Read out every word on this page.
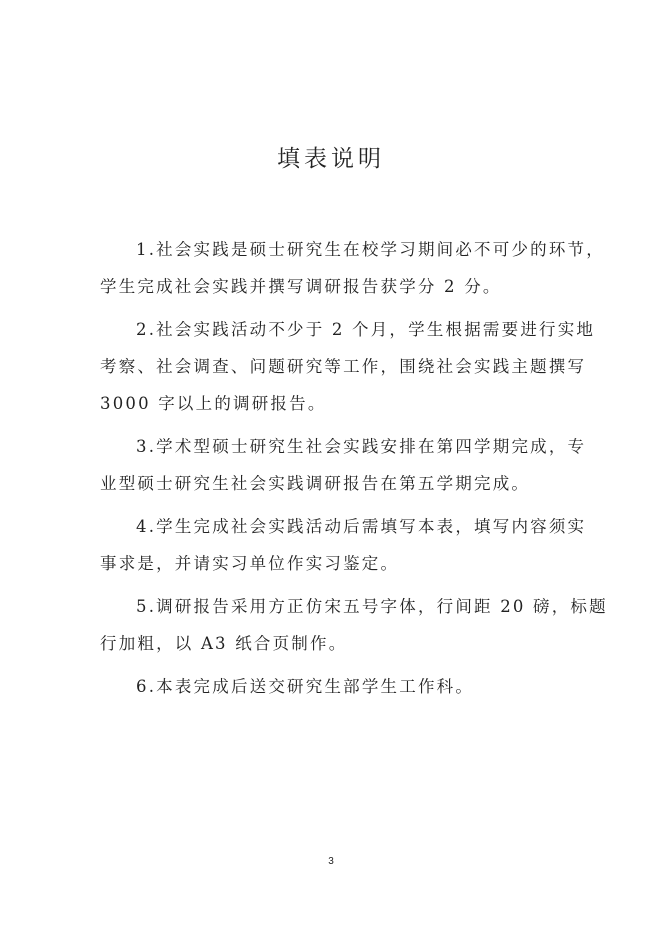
填表说明
1.社会实践是硕士研究生在校学习期间必不可少的环节，
学生完成社会实践并撰写调研报告获学分 2 分。
2.社会实践活动不少于 2 个月，学生根据需要进行实地
考察、社会调查、问题研究等工作，围绕社会实践主题撰写
3000 字以上的调研报告。
3.学术型硕士研究生社会实践安排在第四学期完成，专
业型硕士研究生社会实践调研报告在第五学期完成。
4.学生完成社会实践活动后需填写本表，填写内容须实
事求是，并请实习单位作实习鉴定。
5.调研报告采用方正仿宋五号字体，行间距 20 磅，标题
行加粗，以 A3 纸合页制作。
6.本表完成后送交研究生部学生工作科。
3
